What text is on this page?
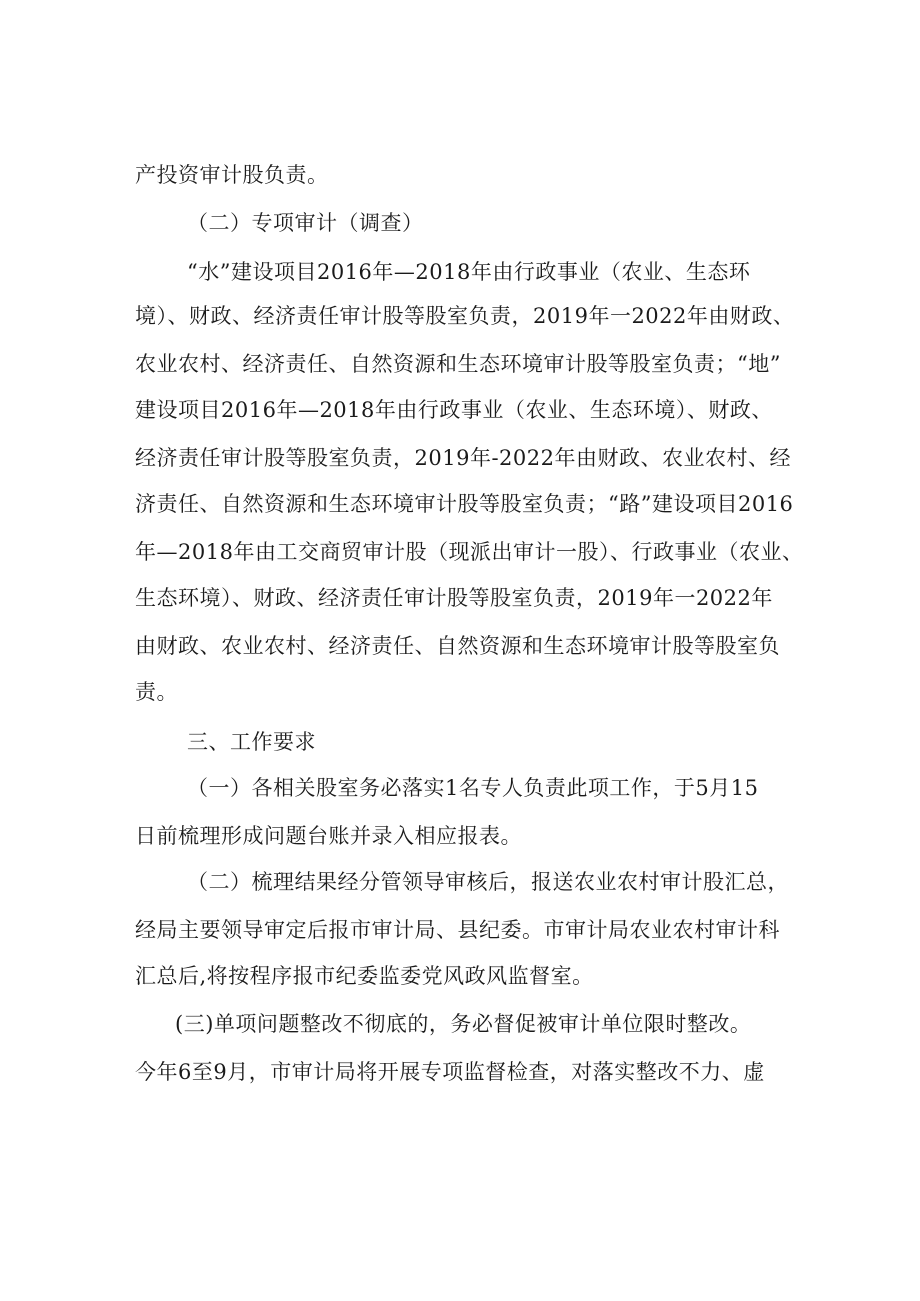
产投资审计股负责。
（二）专项审计（调查）
“水”建设项目2016年—2018年由行政事业（农业、生态环
境）、财政、经济责任审计股等股室负责，2019年一2022年由财政、
农业农村、经济责任、自然资源和生态环境审计股等股室负责；“地”
建设项目2016年—2018年由行政事业（农业、生态环境）、财政、
经济责任审计股等股室负责，2019年-2022年由财政、农业农村、经
济责任、自然资源和生态环境审计股等股室负责；“路”建设项目2016
年—2018年由工交商贸审计股（现派出审计一股）、行政事业（农业、
生态环境）、财政、经济责任审计股等股室负责，2019年一2022年
由财政、农业农村、经济责任、自然资源和生态环境审计股等股室负
责。
三、工作要求
（一）各相关股室务必落实1名专人负责此项工作，于5月15
日前梳理形成问题台账并录入相应报表。
（二）梳理结果经分管领导审核后，报送农业农村审计股汇总，
经局主要领导审定后报市审计局、县纪委。市审计局农业农村审计科
汇总后,将按程序报市纪委监委党风政风监督室。
(三)单项问题整改不彻底的，务必督促被审计单位限时整改。
今年6至9月，市审计局将开展专项监督检查，对落实整改不力、虚
